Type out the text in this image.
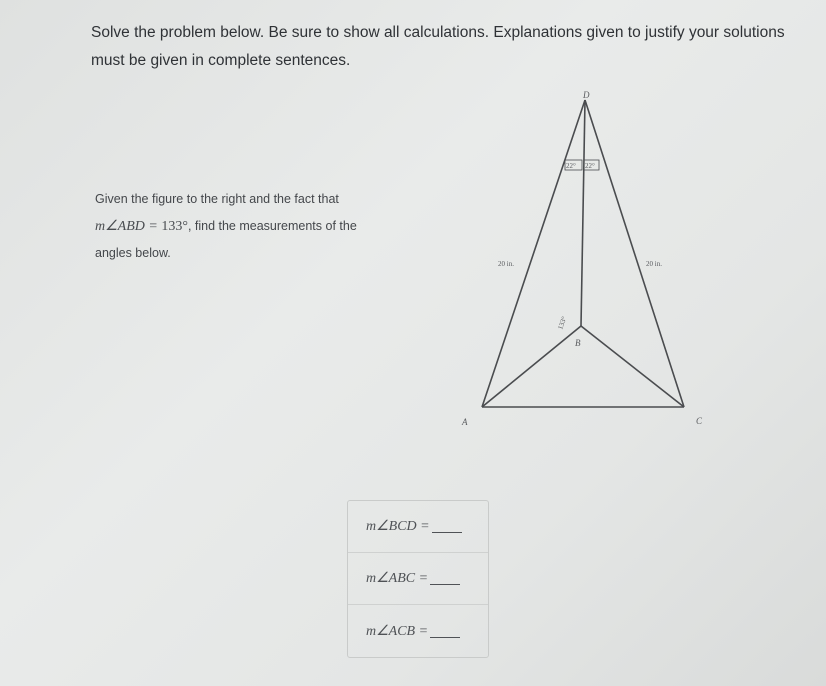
Solve the problem below. Be sure to show all calculations. Explanations given to justify your solutions must be given in complete sentences.
Given the figure to the right and the fact that
m∠ABD = 133°, find the measurements of the
angles below.
D
A
B
C
22° 22°
20 in.	20 in.
133°
m∠BCD =
m∠ABC =
m∠ACB =
